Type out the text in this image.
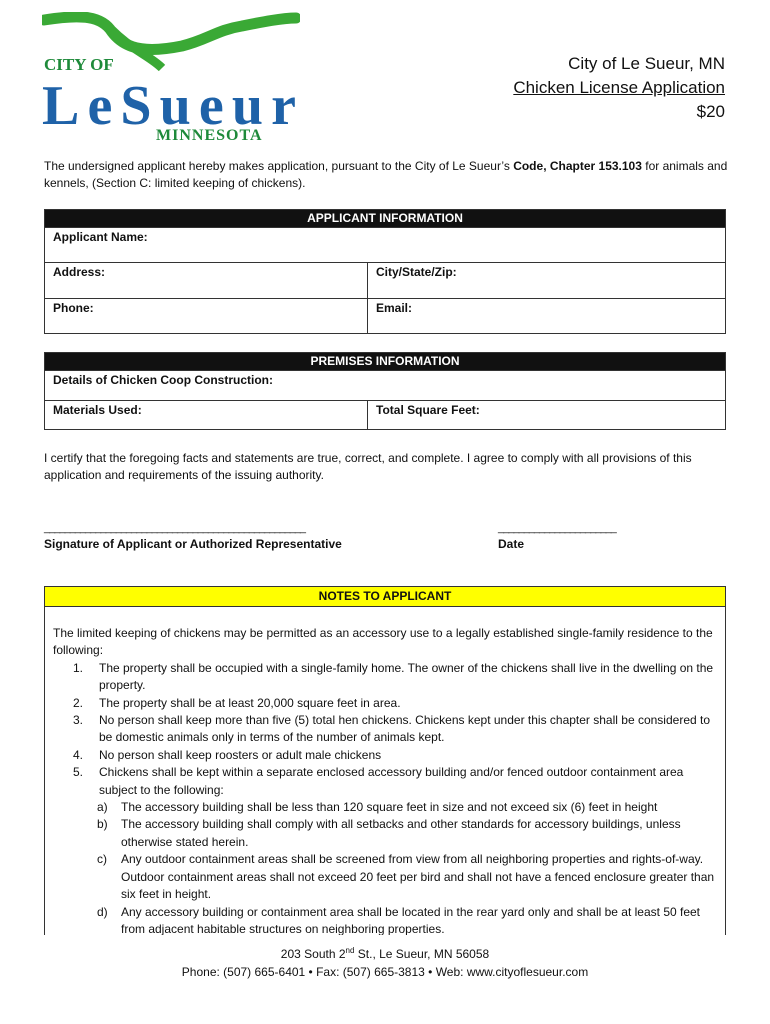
CITY OF
LeSueur
MINNESOTA
City of Le Sueur, MN
Chicken License Application
$20
The undersigned applicant hereby makes application, pursuant to the City of Le Sueur’s Code, Chapter 153.103 for animals and kennels, (Section C: limited keeping of chickens).
APPLICANT INFORMATION	
Applicant Name:	
Address:	City/State/Zip:
Phone:	Email:
PREMISES INFORMATION
Details of Chicken Coop Construction:
Materials Used:	Total Square Feet:
I certify that the foregoing facts and statements are true, correct, and complete. I agree to comply with all provisions of this application and requirements of the issuing authority.
___________________________________________________	_______________________
Signature of Applicant or Authorized Representative	Date
NOTES TO APPLICANT
The limited keeping of chickens may be permitted as an accessory use to a legally established single-family residence to the following:
1. The property shall be occupied with a single-family home. The owner of the chickens shall live in the dwelling on the property.
2. The property shall be at least 20,000 square feet in area.
3. No person shall keep more than five (5) total hen chickens. Chickens kept under this chapter shall be considered to be domestic animals only in terms of the number of animals kept.
4. No person shall keep roosters or adult male chickens
5. Chickens shall be kept within a separate enclosed accessory building and/or fenced outdoor containment area subject to the following:
a) The accessory building shall be less than 120 square feet in size and not exceed six (6) feet in height
b) The accessory building shall comply with all setbacks and other standards for accessory buildings, unless otherwise stated herein.
c) Any outdoor containment areas shall be screened from view from all neighboring properties and rights-of-way. Outdoor containment areas shall not exceed 20 feet per bird and shall not have a fenced enclosure greater than six feet in height.
d) Any accessory building or containment area shall be located in the rear yard only and shall be at least 50 feet from adjacent habitable structures on neighboring properties.
203 South 2nd St., Le Sueur, MN 56058
Phone: (507) 665-6401 • Fax: (507) 665-3813 • Web: www.cityoflesueur.com
